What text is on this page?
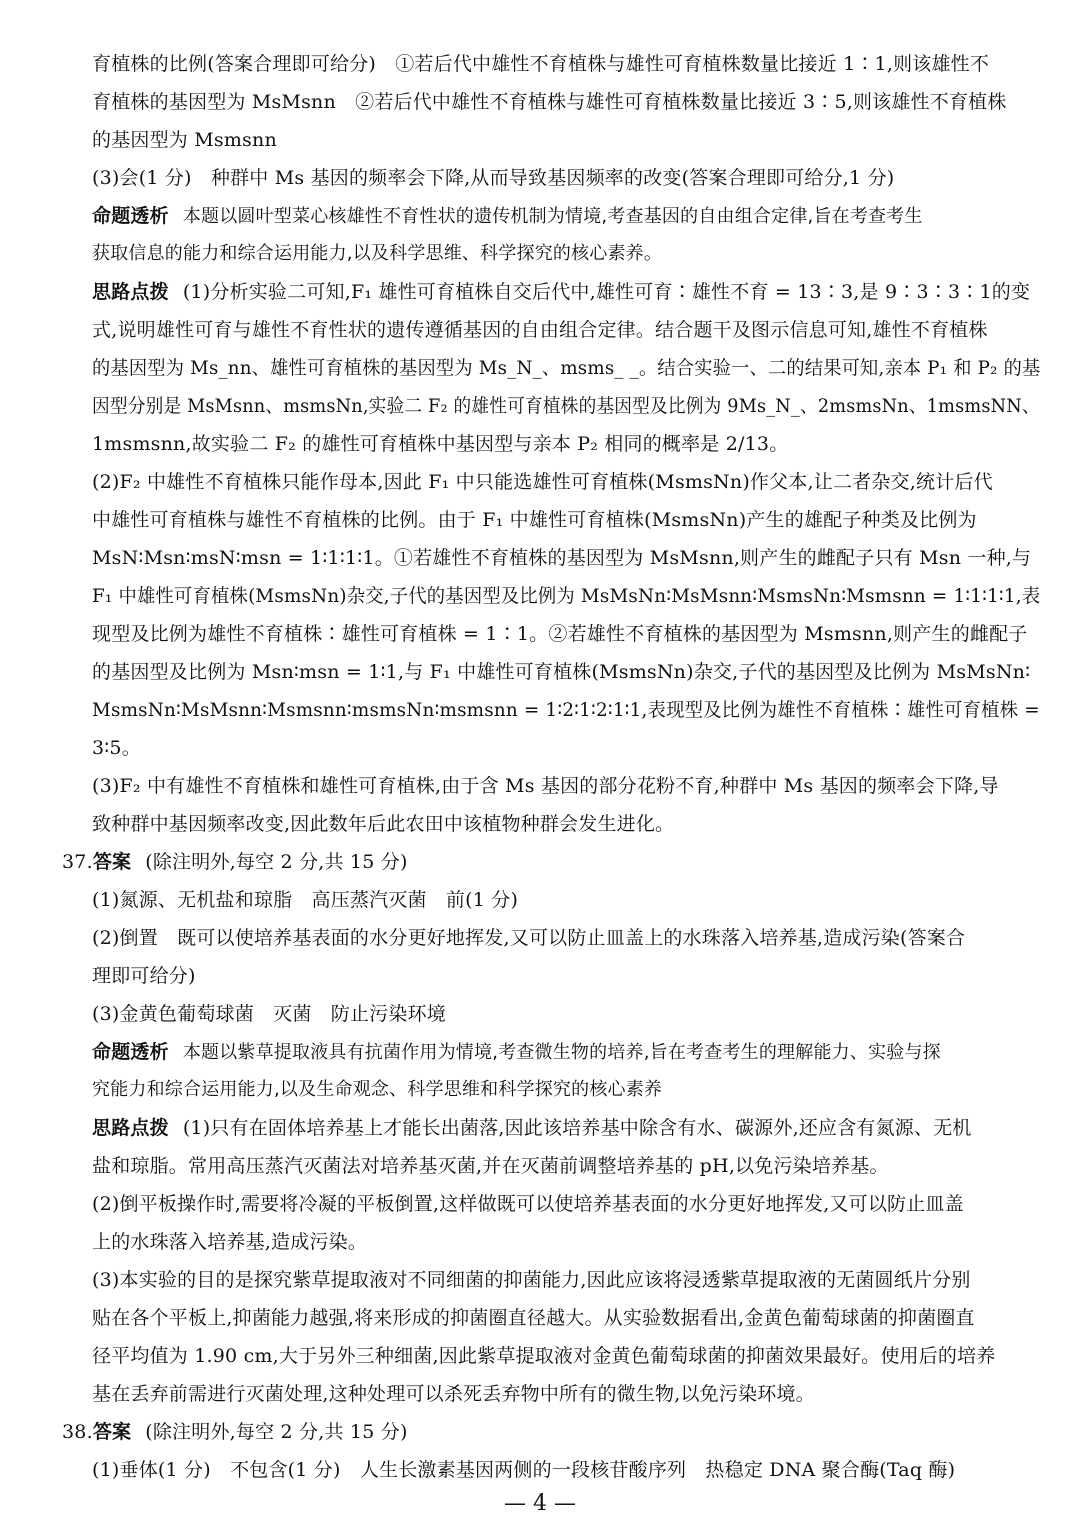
育植株的比例(答案合理即可给分)　①若后代中雄性不育植株与雄性可育植株数量比接近 1∶1,则该雄性不
育植株的基因型为 MsMsnn　②若后代中雄性不育植株与雄性可育植株数量比接近 3∶5,则该雄性不育植株
的基因型为 Msmsnn
(3)会(1 分)　种群中 Ms 基因的频率会下降,从而导致基因频率的改变(答案合理即可给分,1 分)
命题透析 本题以圆叶型菜心核雄性不育性状的遗传机制为情境,考查基因的自由组合定律,旨在考查考生
获取信息的能力和综合运用能力,以及科学思维、科学探究的核心素养。
思路点拨 (1)分析实验二可知,F₁ 雄性可育植株自交后代中,雄性可育∶雄性不育 = 13∶3,是 9∶3∶3∶1的变
式,说明雄性可育与雄性不育性状的遗传遵循基因的自由组合定律。结合题干及图示信息可知,雄性不育植株
的基因型为 Ms_nn、雄性可育植株的基因型为 Ms_N_、msms_ _。结合实验一、二的结果可知,亲本 P₁ 和 P₂ 的基
因型分别是 MsMsnn、msmsNn,实验二 F₂ 的雄性可育植株的基因型及比例为 9Ms_N_、2msmsNn、1msmsNN、
1msmsnn,故实验二 F₂ 的雄性可育植株中基因型与亲本 P₂ 相同的概率是 2/13。
(2)F₂ 中雄性不育植株只能作母本,因此 F₁ 中只能选雄性可育植株(MsmsNn)作父本,让二者杂交,统计后代
中雄性可育植株与雄性不育植株的比例。由于 F₁ 中雄性可育植株(MsmsNn)产生的雄配子种类及比例为
MsN∶Msn∶msN∶msn = 1∶1∶1∶1。①若雄性不育植株的基因型为 MsMsnn,则产生的雌配子只有 Msn 一种,与
F₁ 中雄性可育植株(MsmsNn)杂交,子代的基因型及比例为 MsMsNn∶MsMsnn∶MsmsNn∶Msmsnn = 1∶1∶1∶1,表
现型及比例为雄性不育植株∶雄性可育植株 = 1∶1。②若雄性不育植株的基因型为 Msmsnn,则产生的雌配子
的基因型及比例为 Msn∶msn = 1∶1,与 F₁ 中雄性可育植株(MsmsNn)杂交,子代的基因型及比例为 MsMsNn∶
MsmsNn∶MsMsnn∶Msmsnn∶msmsNn∶msmsnn = 1∶2∶1∶2∶1∶1,表现型及比例为雄性不育植株∶雄性可育植株 =
3∶5。
(3)F₂ 中有雄性不育植株和雄性可育植株,由于含 Ms 基因的部分花粉不育,种群中 Ms 基因的频率会下降,导
致种群中基因频率改变,因此数年后此农田中该植物种群会发生进化。
37.答案 (除注明外,每空 2 分,共 15 分)
(1)氮源、无机盐和琼脂　高压蒸汽灭菌　前(1 分)
(2)倒置　既可以使培养基表面的水分更好地挥发,又可以防止皿盖上的水珠落入培养基,造成污染(答案合
理即可给分)
(3)金黄色葡萄球菌　灭菌　防止污染环境
命题透析 本题以紫草提取液具有抗菌作用为情境,考查微生物的培养,旨在考查考生的理解能力、实验与探
究能力和综合运用能力,以及生命观念、科学思维和科学探究的核心素养
思路点拨 (1)只有在固体培养基上才能长出菌落,因此该培养基中除含有水、碳源外,还应含有氮源、无机
盐和琼脂。常用高压蒸汽灭菌法对培养基灭菌,并在灭菌前调整培养基的 pH,以免污染培养基。
(2)倒平板操作时,需要将冷凝的平板倒置,这样做既可以使培养基表面的水分更好地挥发,又可以防止皿盖
上的水珠落入培养基,造成污染。
(3)本实验的目的是探究紫草提取液对不同细菌的抑菌能力,因此应该将浸透紫草提取液的无菌圆纸片分别
贴在各个平板上,抑菌能力越强,将来形成的抑菌圈直径越大。从实验数据看出,金黄色葡萄球菌的抑菌圈直
径平均值为 1.90 cm,大于另外三种细菌,因此紫草提取液对金黄色葡萄球菌的抑菌效果最好。使用后的培养
基在丢弃前需进行灭菌处理,这种处理可以杀死丢弃物中所有的微生物,以免污染环境。
38.答案 (除注明外,每空 2 分,共 15 分)
(1)垂体(1 分)　不包含(1 分)　人生长激素基因两侧的一段核苷酸序列　热稳定 DNA 聚合酶(Taq 酶)
— 4 —
